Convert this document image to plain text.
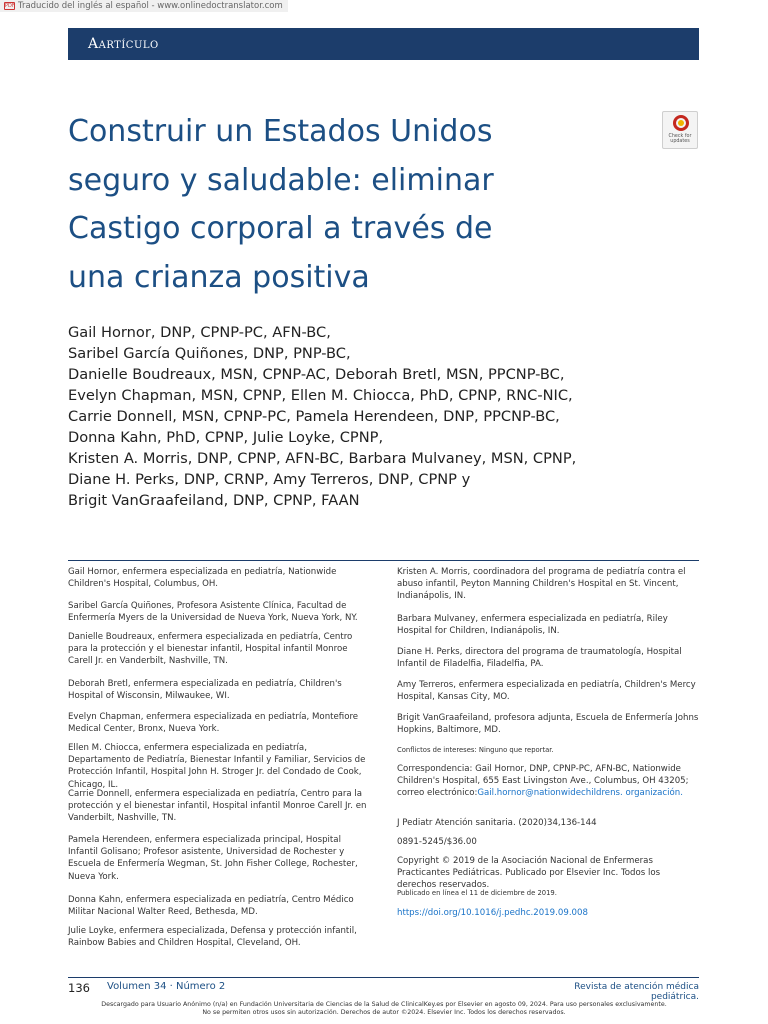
PDF Traducido del inglés al español - www.onlinedoctranslator.com
Aartículo
Construir un Estados Unidos
seguro y saludable: eliminar
Castigo corporal a través de
una crianza positiva
Check for updates
Gail Hornor, DNP, CPNP-PC, AFN-BC,
Saribel García Quiñones, DNP, PNP-BC,
Danielle Boudreaux, MSN, CPNP-AC, Deborah Bretl, MSN, PPCNP-BC,
Evelyn Chapman, MSN, CPNP, Ellen M. Chiocca, PhD, CPNP, RNC-NIC,
Carrie Donnell, MSN, CPNP-PC, Pamela Herendeen, DNP, PPCNP-BC,
Donna Kahn, PhD, CPNP, Julie Loyke, CPNP,
Kristen A. Morris, DNP, CPNP, AFN-BC, Barbara Mulvaney, MSN, CPNP,
Diane H. Perks, DNP, CRNP, Amy Terreros, DNP, CPNP y
Brigit VanGraafeiland, DNP, CPNP, FAAN
Gail Hornor, enfermera especializada en pediatría, Nationwide Children's Hospital, Columbus, OH.
Saribel García Quiñones, Profesora Asistente Clínica, Facultad de Enfermería Myers de la Universidad de Nueva York, Nueva York, NY.
Danielle Boudreaux, enfermera especializada en pediatría, Centro para la protección y el bienestar infantil, Hospital infantil Monroe Carell Jr. en Vanderbilt, Nashville, TN.
Deborah Bretl, enfermera especializada en pediatría, Children's Hospital of Wisconsin, Milwaukee, WI.
Evelyn Chapman, enfermera especializada en pediatría, Montefiore Medical Center, Bronx, Nueva York.
Ellen M. Chiocca, enfermera especializada en pediatría, Departamento de Pediatría, Bienestar Infantil y Familiar, Servicios de Protección Infantil, Hospital John H. Stroger Jr. del Condado de Cook, Chicago, IL.
Carrie Donnell, enfermera especializada en pediatría, Centro para la protección y el bienestar infantil, Hospital infantil Monroe Carell Jr. en Vanderbilt, Nashville, TN.
Pamela Herendeen, enfermera especializada principal, Hospital Infantil Golisano; Profesor asistente, Universidad de Rochester y Escuela de Enfermería Wegman, St. John Fisher College, Rochester, Nueva York.
Donna Kahn, enfermera especializada en pediatría, Centro Médico Militar Nacional Walter Reed, Bethesda, MD.
Julie Loyke, enfermera especializada, Defensa y protección infantil, Rainbow Babies and Children Hospital, Cleveland, OH.
Kristen A. Morris, coordinadora del programa de pediatría contra el abuso infantil, Peyton Manning Children's Hospital en St. Vincent, Indianápolis, IN.
Barbara Mulvaney, enfermera especializada en pediatría, Riley Hospital for Children, Indianápolis, IN.
Diane H. Perks, directora del programa de traumatología, Hospital Infantil de Filadelfia, Filadelfia, PA.
Amy Terreros, enfermera especializada en pediatría, Children's Mercy Hospital, Kansas City, MO.
Brigit VanGraafeiland, profesora adjunta, Escuela de Enfermería Johns Hopkins, Baltimore, MD.
Conflictos de intereses: Ninguno que reportar.
Correspondencia: Gail Hornor, DNP, CPNP-PC, AFN-BC, Nationwide Children's Hospital, 655 East Livingston Ave., Columbus, OH 43205; correo electrónico:Gail.hornor@nationwidechildrens. organización.
J Pediatr Atención sanitaria. (2020)34,136-144
0891-5245/$36.00
Copyright © 2019 de la Asociación Nacional de Enfermeras Practicantes Pediátricas. Publicado por Elsevier Inc. Todos los derechos reservados.
Publicado en línea el 11 de diciembre de 2019.
https://doi.org/10.1016/j.pedhc.2019.09.008
136 Volumen 34 · Número 2	Revista de atención médica pediátrica.
Descargado para Usuario Anónimo (n/a) en Fundación Universitaria de Ciencias de la Salud de ClinicalKey.es por Elsevier en agosto 09, 2024. Para uso personales exclusivamente. No se permiten otros usos sin autorización. Derechos de autor ©2024. Elsevier Inc. Todos los derechos reservados.
